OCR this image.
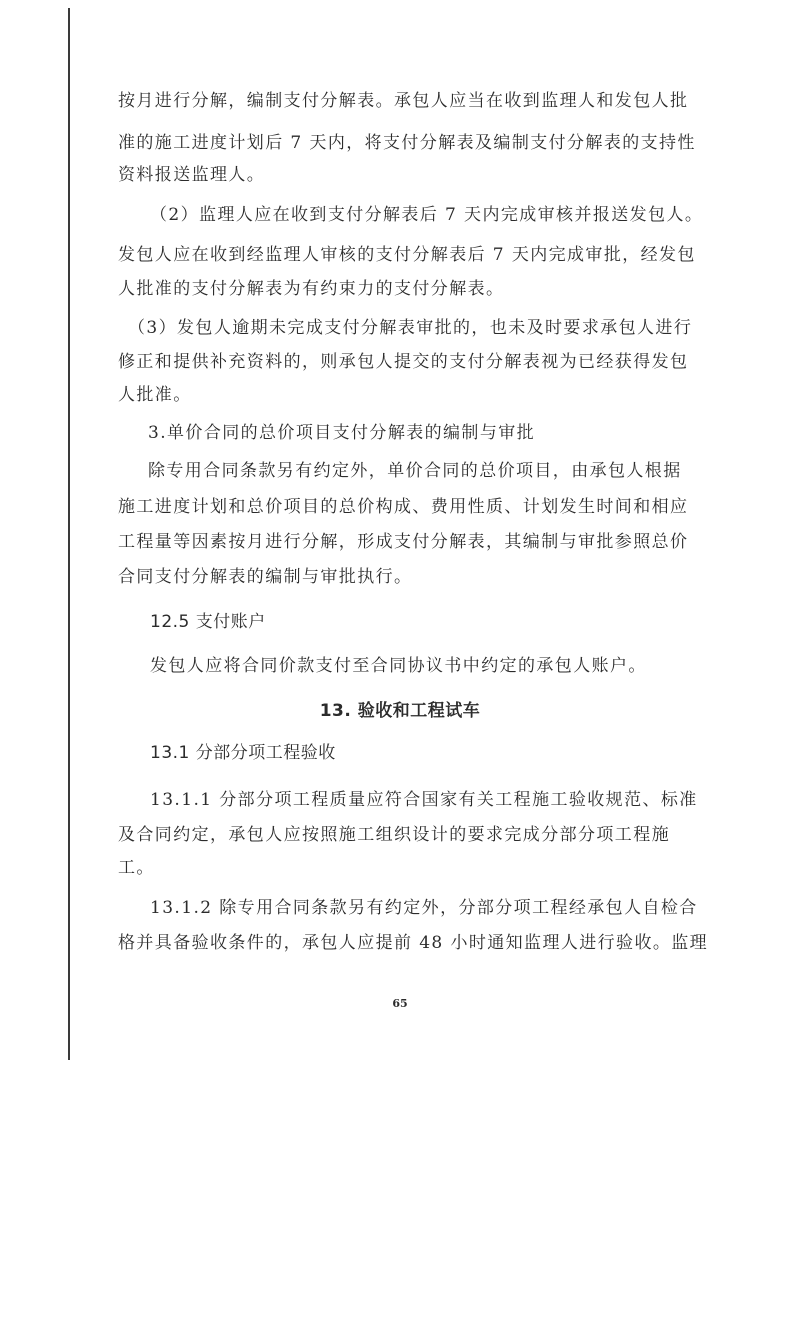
按月进行分解，编制支付分解表。承包人应当在收到监理人和发包人批

准的施工进度计划后 7 天内，将支付分解表及编制支付分解表的支持性

资料报送监理人。

（2）监理人应在收到支付分解表后 7 天内完成审核并报送发包人。

发包人应在收到经监理人审核的支付分解表后 7 天内完成审批，经发包

人批准的支付分解表为有约束力的支付分解表。

（3）发包人逾期未完成支付分解表审批的，也未及时要求承包人进行

修正和提供补充资料的，则承包人提交的支付分解表视为已经获得发包

人批准。

3.单价合同的总价项目支付分解表的编制与审批

除专用合同条款另有约定外，单价合同的总价项目，由承包人根据

施工进度计划和总价项目的总价构成、费用性质、计划发生时间和相应

工程量等因素按月进行分解，形成支付分解表，其编制与审批参照总价

合同支付分解表的编制与审批执行。

12.5 支付账户

发包人应将合同价款支付至合同协议书中约定的承包人账户。

13. 验收和工程试车

13.1 分部分项工程验收

13.1.1 分部分项工程质量应符合国家有关工程施工验收规范、标准

及合同约定，承包人应按照施工组织设计的要求完成分部分项工程施

工。

13.1.2 除专用合同条款另有约定外，分部分项工程经承包人自检合

格并具备验收条件的，承包人应提前 48 小时通知监理人进行验收。监理

65
